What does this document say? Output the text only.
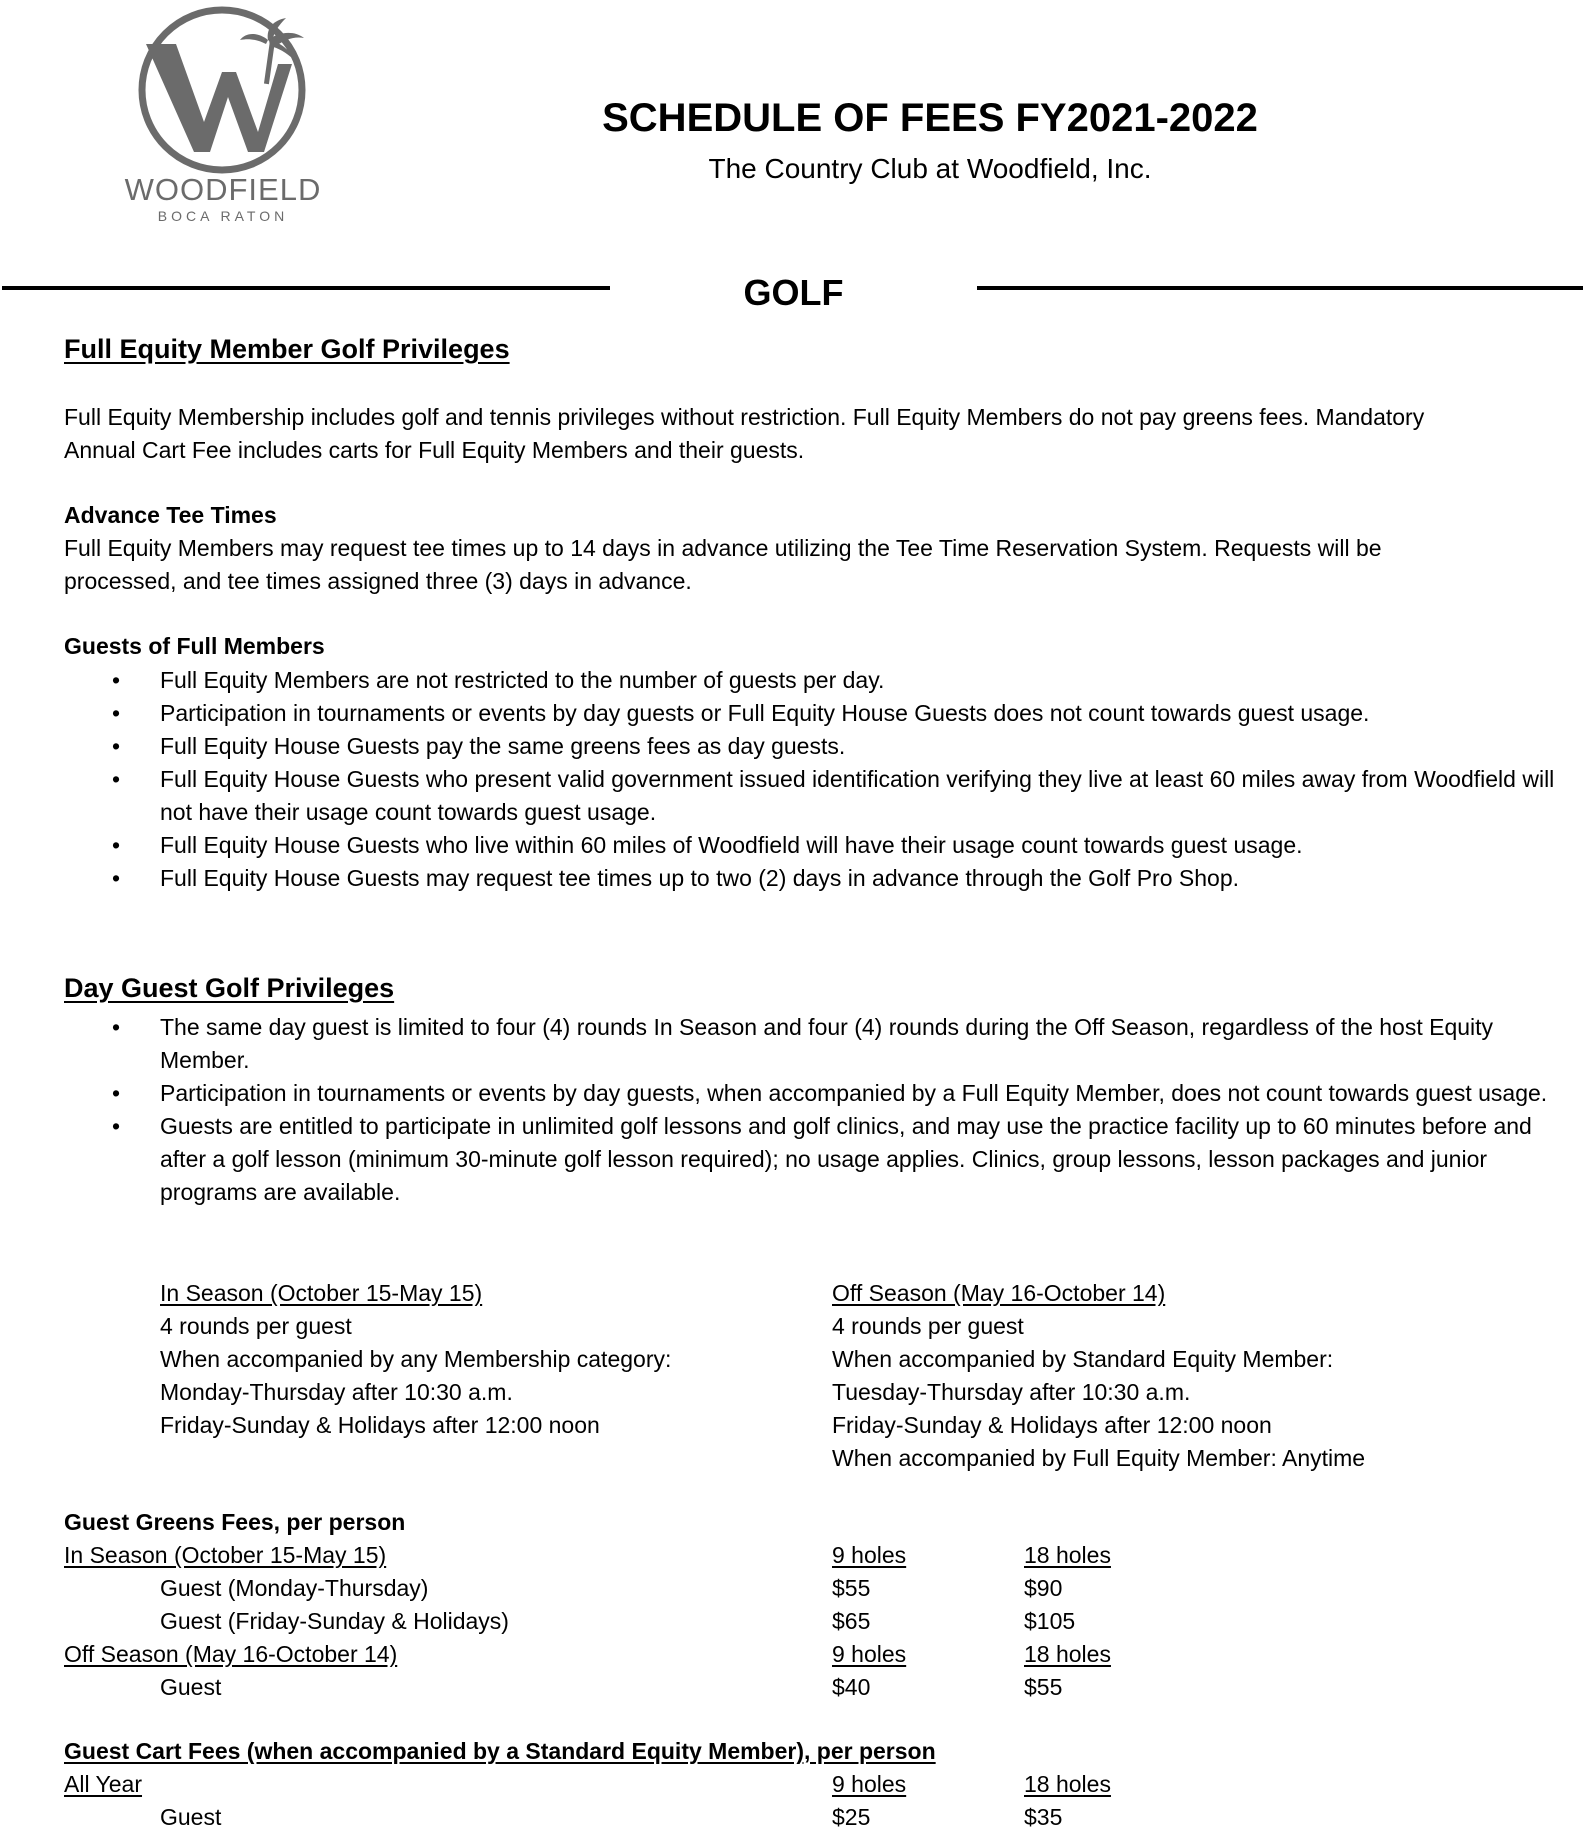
WOODFIELD
BOCA RATON
SCHEDULE OF FEES FY2021-2022
The Country Club at Woodfield, Inc.
GOLF
Full Equity Member Golf Privileges
Full Equity Membership includes golf and tennis privileges without restriction. Full Equity Members do not pay greens fees. Mandatory
Annual Cart Fee includes carts for Full Equity Members and their guests.
Advance Tee Times
Full Equity Members may request tee times up to 14 days in advance utilizing the Tee Time Reservation System. Requests will be
processed, and tee times assigned three (3) days in advance.
Guests of Full Members
• Full Equity Members are not restricted to the number of guests per day.
• Participation in tournaments or events by day guests or Full Equity House Guests does not count towards guest usage.
• Full Equity House Guests pay the same greens fees as day guests.
• Full Equity House Guests who present valid government issued identification verifying they live at least 60 miles away from Woodfield will not have their usage count towards guest usage.
• Full Equity House Guests who live within 60 miles of Woodfield will have their usage count towards guest usage.
• Full Equity House Guests may request tee times up to two (2) days in advance through the Golf Pro Shop.
Day Guest Golf Privileges
• The same day guest is limited to four (4) rounds In Season and four (4) rounds during the Off Season, regardless of the host Equity Member.
• Participation in tournaments or events by day guests, when accompanied by a Full Equity Member, does not count towards guest usage.
• Guests are entitled to participate in unlimited golf lessons and golf clinics, and may use the practice facility up to 60 minutes before and after a golf lesson (minimum 30-minute golf lesson required); no usage applies. Clinics, group lessons, lesson packages and junior programs are available.
In Season (October 15-May 15)
4 rounds per guest
When accompanied by any Membership category:
Monday-Thursday after 10:30 a.m.
Friday-Sunday & Holidays after 12:00 noon
Off Season (May 16-October 14)
4 rounds per guest
When accompanied by Standard Equity Member:
Tuesday-Thursday after 10:30 a.m.
Friday-Sunday & Holidays after 12:00 noon
When accompanied by Full Equity Member: Anytime
Guest Greens Fees, per person
In Season (October 15-May 15)	9 holes	18 holes
Guest (Monday-Thursday)	$55	$90
Guest (Friday-Sunday & Holidays)	$65	$105
Off Season (May 16-October 14)	9 holes	18 holes
Guest	$40	$55
Guest Cart Fees (when accompanied by a Standard Equity Member), per person
All Year	9 holes	18 holes
Guest	$25	$35
